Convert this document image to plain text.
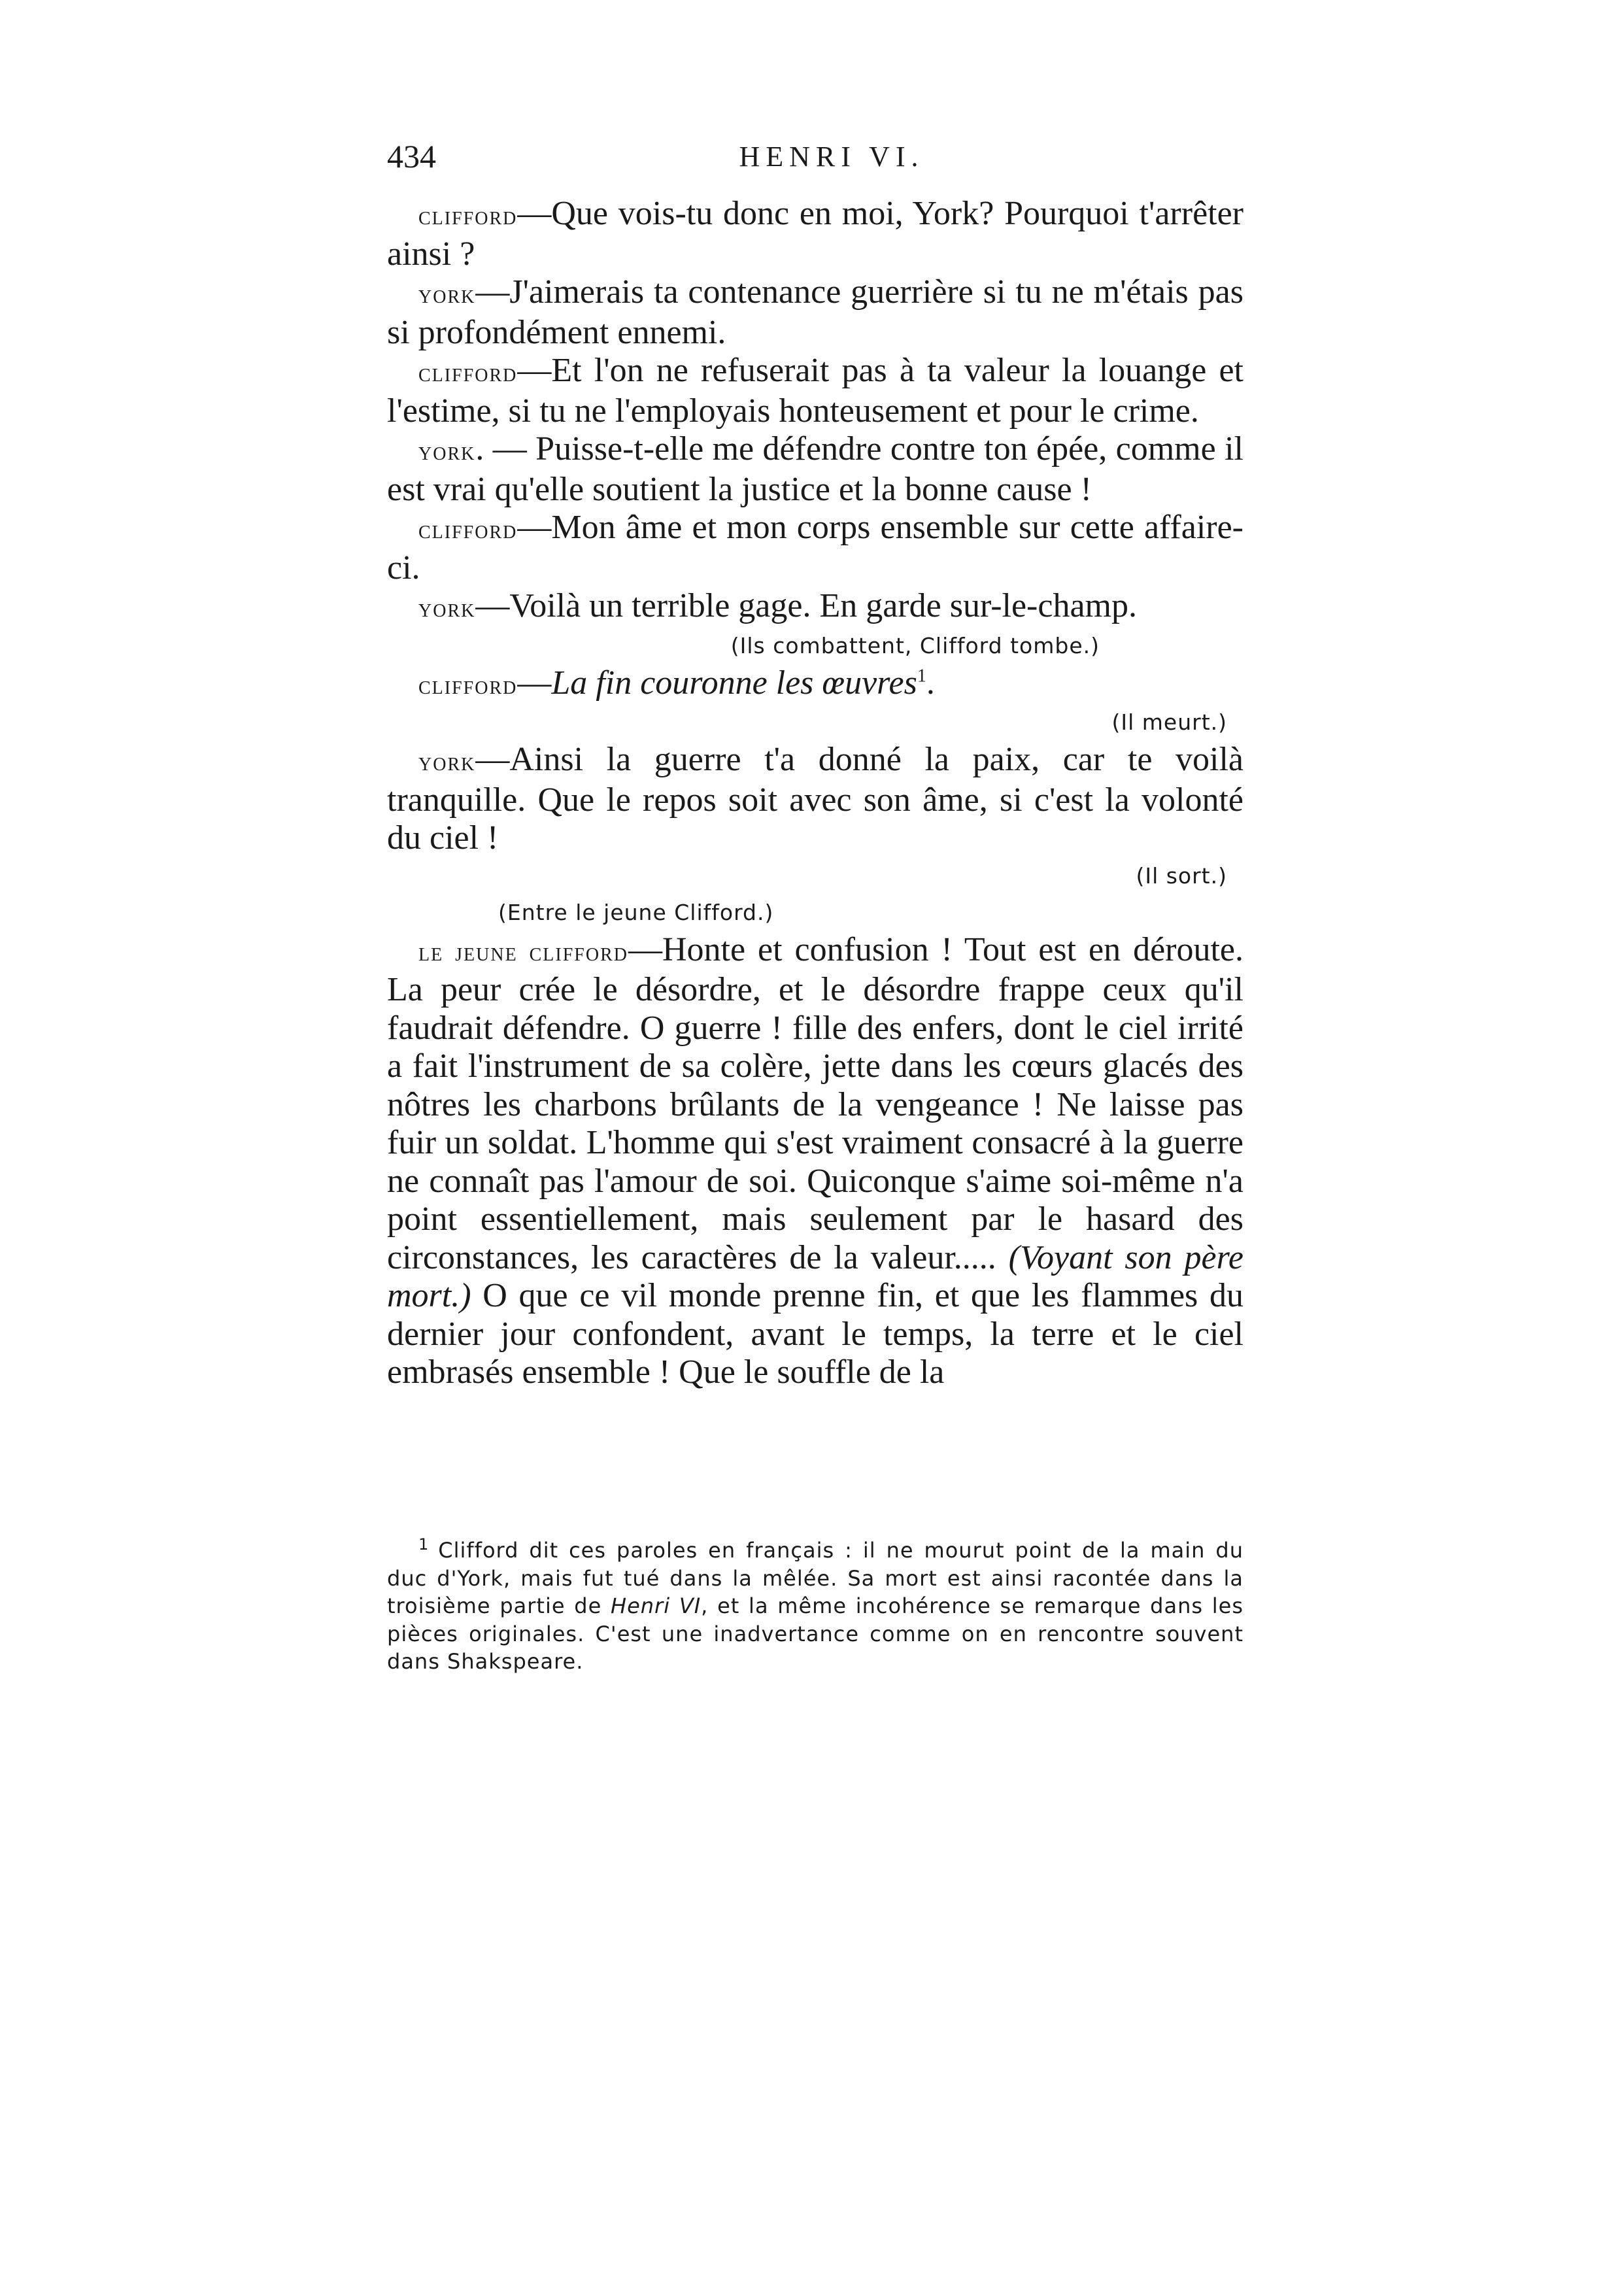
434	HENRI VI.

clifford—Que vois-tu donc en moi, York? Pourquoi t'arrêter ainsi ?

york—J'aimerais ta contenance guerrière si tu ne m'étais pas si profondément ennemi.

clifford—Et l'on ne refuserait pas à ta valeur la louange et l'estime, si tu ne l'employais honteusement et pour le crime.

york. — Puisse-t-elle me défendre contre ton épée, comme il est vrai qu'elle soutient la justice et la bonne cause !

clifford—Mon âme et mon corps ensemble sur cette affaire-ci.

york—Voilà un terrible gage. En garde sur-le-champ.

(Ils combattent, Clifford tombe.)

clifford—La fin couronne les œuvres$^1$.

(Il meurt.)

york—Ainsi la guerre t'a donné la paix, car te voilà tranquille. Que le repos soit avec son âme, si c'est la volonté du ciel !

(Il sort.)
(Entre le jeune Clifford.)

le jeune clifford—Honte et confusion ! Tout est en déroute. La peur crée le désordre, et le désordre frappe ceux qu'il faudrait défendre. O guerre ! fille des enfers, dont le ciel irrité a fait l'instrument de sa colère, jette dans les cœurs glacés des nôtres les charbons brûlants de la vengeance ! Ne laisse pas fuir un soldat. L'homme qui s'est vraiment consacré à la guerre ne connaît pas l'amour de soi. Quiconque s'aime soi-même n'a point essentiellement, mais seulement par le hasard des circonstances, les caractères de la valeur..... (Voyant son père mort.) O que ce vil monde prenne fin, et que les flammes du dernier jour confondent, avant le temps, la terre et le ciel embrasés ensemble ! Que le souffle de la

$^1$ Clifford dit ces paroles en français : il ne mourut point de la main du duc d'York, mais fut tué dans la mêlée. Sa mort est ainsi racontée dans la troisième partie de Henri VI, et la même incohérence se remarque dans les pièces originales. C'est une inadvertance comme on en rencontre souvent dans Shakspeare.
